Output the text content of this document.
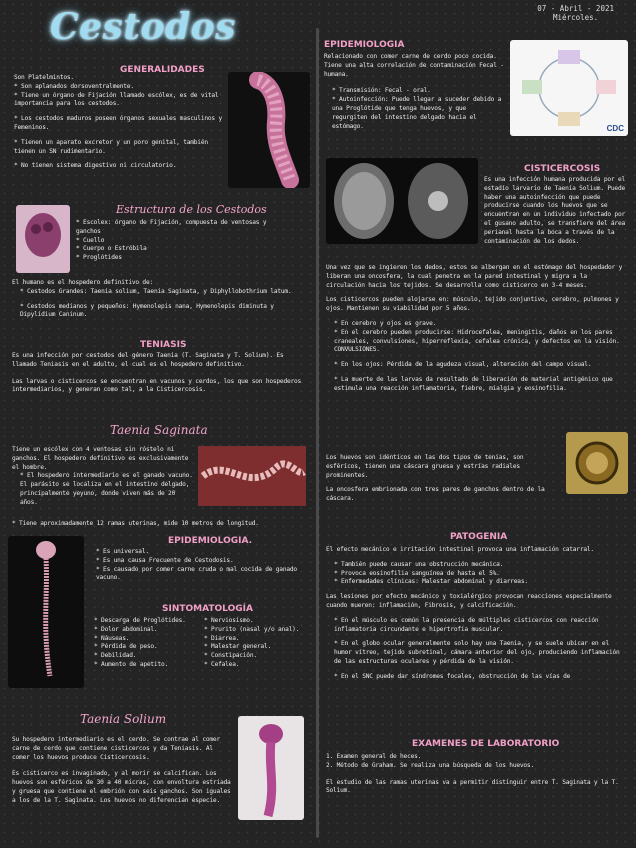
Cestodos	07 - Abril - 2021
Miércoles.
GENERALIDADES
Son Platelmintos.
* Son aplanados dorsoventralmente.
* Tiene un órgano de Fijación llamado escólex, es de vital importancia para los cestodos.
* Los cestodos maduros poseen órganos sexuales masculinos y Femeninos.
* Tienen un aparato excretor y un poro genital, también tienen un SN rudimentario.
* No tienen sistema digestivo ni circulatorio.
Estructura de los Cestodos
* Escolex: órgano de Fijación, compuesta de ventosas y ganchos
* Cuello
* Cuerpo o Estróbila
* Proglótides
El humano es el hospedero definitivo de:
* Cestodos Grandes: Taenia solium, Taenia Saginata, y Diphyllobothrium latum.
* Cestodos medianos y pequeños: Hymenolepis nana, Hymenolepis diminuta y Dipylidium Caninum.
TENIASIS
Es una infección por cestodos del género Taenia (T. Saginata y T. Solium). Es llamado Teniasis en el adulto, el cual es el hospedero definitivo.
Las larvas o cisticercos se encuentran en vacunos y cerdos, los que son hospederos intermediarios, y generan como tal, a la Cisticercosis.
Taenia Saginata
Tiene un escólex con 4 ventosas sin róstelo ni ganchos. El hospedero definitivo es exclusivamente el hombre.
* El hospedero intermediario es el ganado vacuno. El parásito se localiza en el intestino delgado, principalmente yeyuno, donde viven más de 20 años.
* Tiene aproximadamente 12 ramas uterinas, mide 10 metros de longitud.
EPIDEMIOLOGIA.
* Es universal.
* Es una causa Frecuente de Cestodosis.
* Es causado por comer carne cruda o mal cocida de ganado vacuno.
SINTOMATOLOGÍA
* Descarga de Proglótides.
* Dolor abdominal.
* Náuseas.
* Pérdida de peso.
* Debilidad.
* Aumento de apetito.
* Nerviosismo.
* Prurito (nasal y/o anal).
* Diarrea.
* Malestar general.
* Constipación.
* Cefalea.
Taenia Solium
Su hospedero intermediario es el cerdo. Se contrae al comer carne de cerdo que contiene cisticercos y da Teniasis. Al comer los huevos produce Cisticercosis.
Es cisticerco es invaginado, y al morir se calcifican. Los huevos son esféricos de 30 a 40 micras, con envoltura estriada y gruesa que contiene el embrión con seis ganchos. Son iguales a los de la T. Saginata. Los huevos no diferencian especie.
EPIDEMIOLOGIA
Relacionado con comer carne de cerdo poco cocida. Tiene una alta correlación de contaminación Fecal - humana.
* Transmisión: Fecal - oral.
* Autoinfección: Puede llegar a suceder debido a una Proglótide que tenga huevos, y que regurgiten del intestino delgado hacia el estómago.	CDC
CISTICERCOSIS
Es una infección humana producida por el estadío larvario de Taenia Solium. Puede haber una autoinfección que puede producirse cuando los huevos que se encuentran en un individuo infectado por el gusano adulto, se transfiere del área perianal hasta la boca a través de la contaminación de los dedos.
Una vez que se ingieren los dedos, estos se albergan en el estómago del hospedador y liberan una oncosfera, la cual penetra en la pared intestinal y migra a la circulación hacia los tejidos. Se desarrolla como cisticerco en 3-4 meses.
Los cisticercos pueden alojarse en: músculo, tejido conjuntivo, cerebro, pulmones y ojos. Mantienen su viabilidad por 5 años.
* En cerebro y ojos es grave.
* En el cerebro pueden producirse: Hidrocefalea, meningitis, daños en los pares craneales, convulsiones, hiperreflexia, cefalea crónica, y defectos en la visión. CONVULSIONES.
* En los ojos: Pérdida de la agudeza visual, alteración del campo visual.
* La muerte de las larvas da resultado de liberación de material antigénico que estimula una reacción inflamatoria, fiebre, mialgia y eosinofilia.
Los huevos son idénticos en las dos tipos de tenias, son esféricos, tienen una cáscara gruesa y estrías radiales prominentes.
La oncosfera embrionada con tres pares de ganchos dentro de la cáscara.
PATOGENIA
El efecto mecánico e irritación intestinal provoca una inflamación catarral.
* También puede causar una obstrucción mecánica.
* Provoca eosinofilia sanguínea de hasta el 5%.
* Enfermedades clínicas: Malestar abdominal y diarreas.
Las lesiones por efecto mecánico y toxialérgico provocan reacciones especialmente cuando mueren: inflamación, Fibrosis, y calcificación.
* En el músculo es común la presencia de múltiples cisticercos con reacción inflamatoria circundante e hipertrofia muscular.
* En el globo ocular generalmente solo hay una Taenia, y se suele ubicar en el humor vítreo, tejido subretinal, cámara anterior del ojo, produciendo inflamación de las estructuras oculares y pérdida de la visión.
* En el SNC puede dar síndromes focales, obstrucción de las vías de
EXAMENES DE LABORATORIO
1. Examen general de heces.
2. Método de Graham. Se realiza una búsqueda de los huevos.
El estudio de las ramas uterinas va a permitir distinguir entre T. Saginata y la T. Solium.
